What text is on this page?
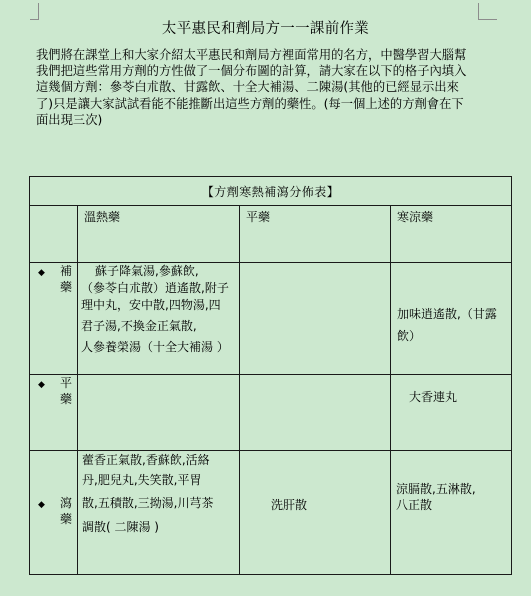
太平惠民和劑局方一一課前作業
我們將在課堂上和大家介紹太平惠民和劑局方裡面常用的名方，中醫學習大腦幫
我們把這些常用方劑的方性做了一個分布圖的計算，請大家在以下的格子內填入
這幾個方劑：參苓白朮散、甘露飲、十全大補湯、二陳湯(其他的已經显示出來
了)只是讓大家試試看能不能推斷出這些方劑的藥性。(每一個上述的方劑會在下
面出現三次)
【方劑寒熱補瀉分佈表】			

	溫熱藥	平藥	寒涼藥

◆ 補藥	蘇子降氣湯,參蘇飲,
（參苓白朮散）逍遙散,附子
理中丸，安中散,四物湯,四
君子湯,不換金正氣散,
人參養榮湯（十全大補湯 ）		加味逍遙散,（甘露
飲）

◆ 平藥			大香連丸

◆ 瀉藥	藿香正氣散,香蘇飲,活絡
丹,肥兒丸,失笑散,平胃
散,五積散,三拗湯,川芎茶
調散( 二陳湯 )	洗肝散	涼膈散,五淋散,
八正散
